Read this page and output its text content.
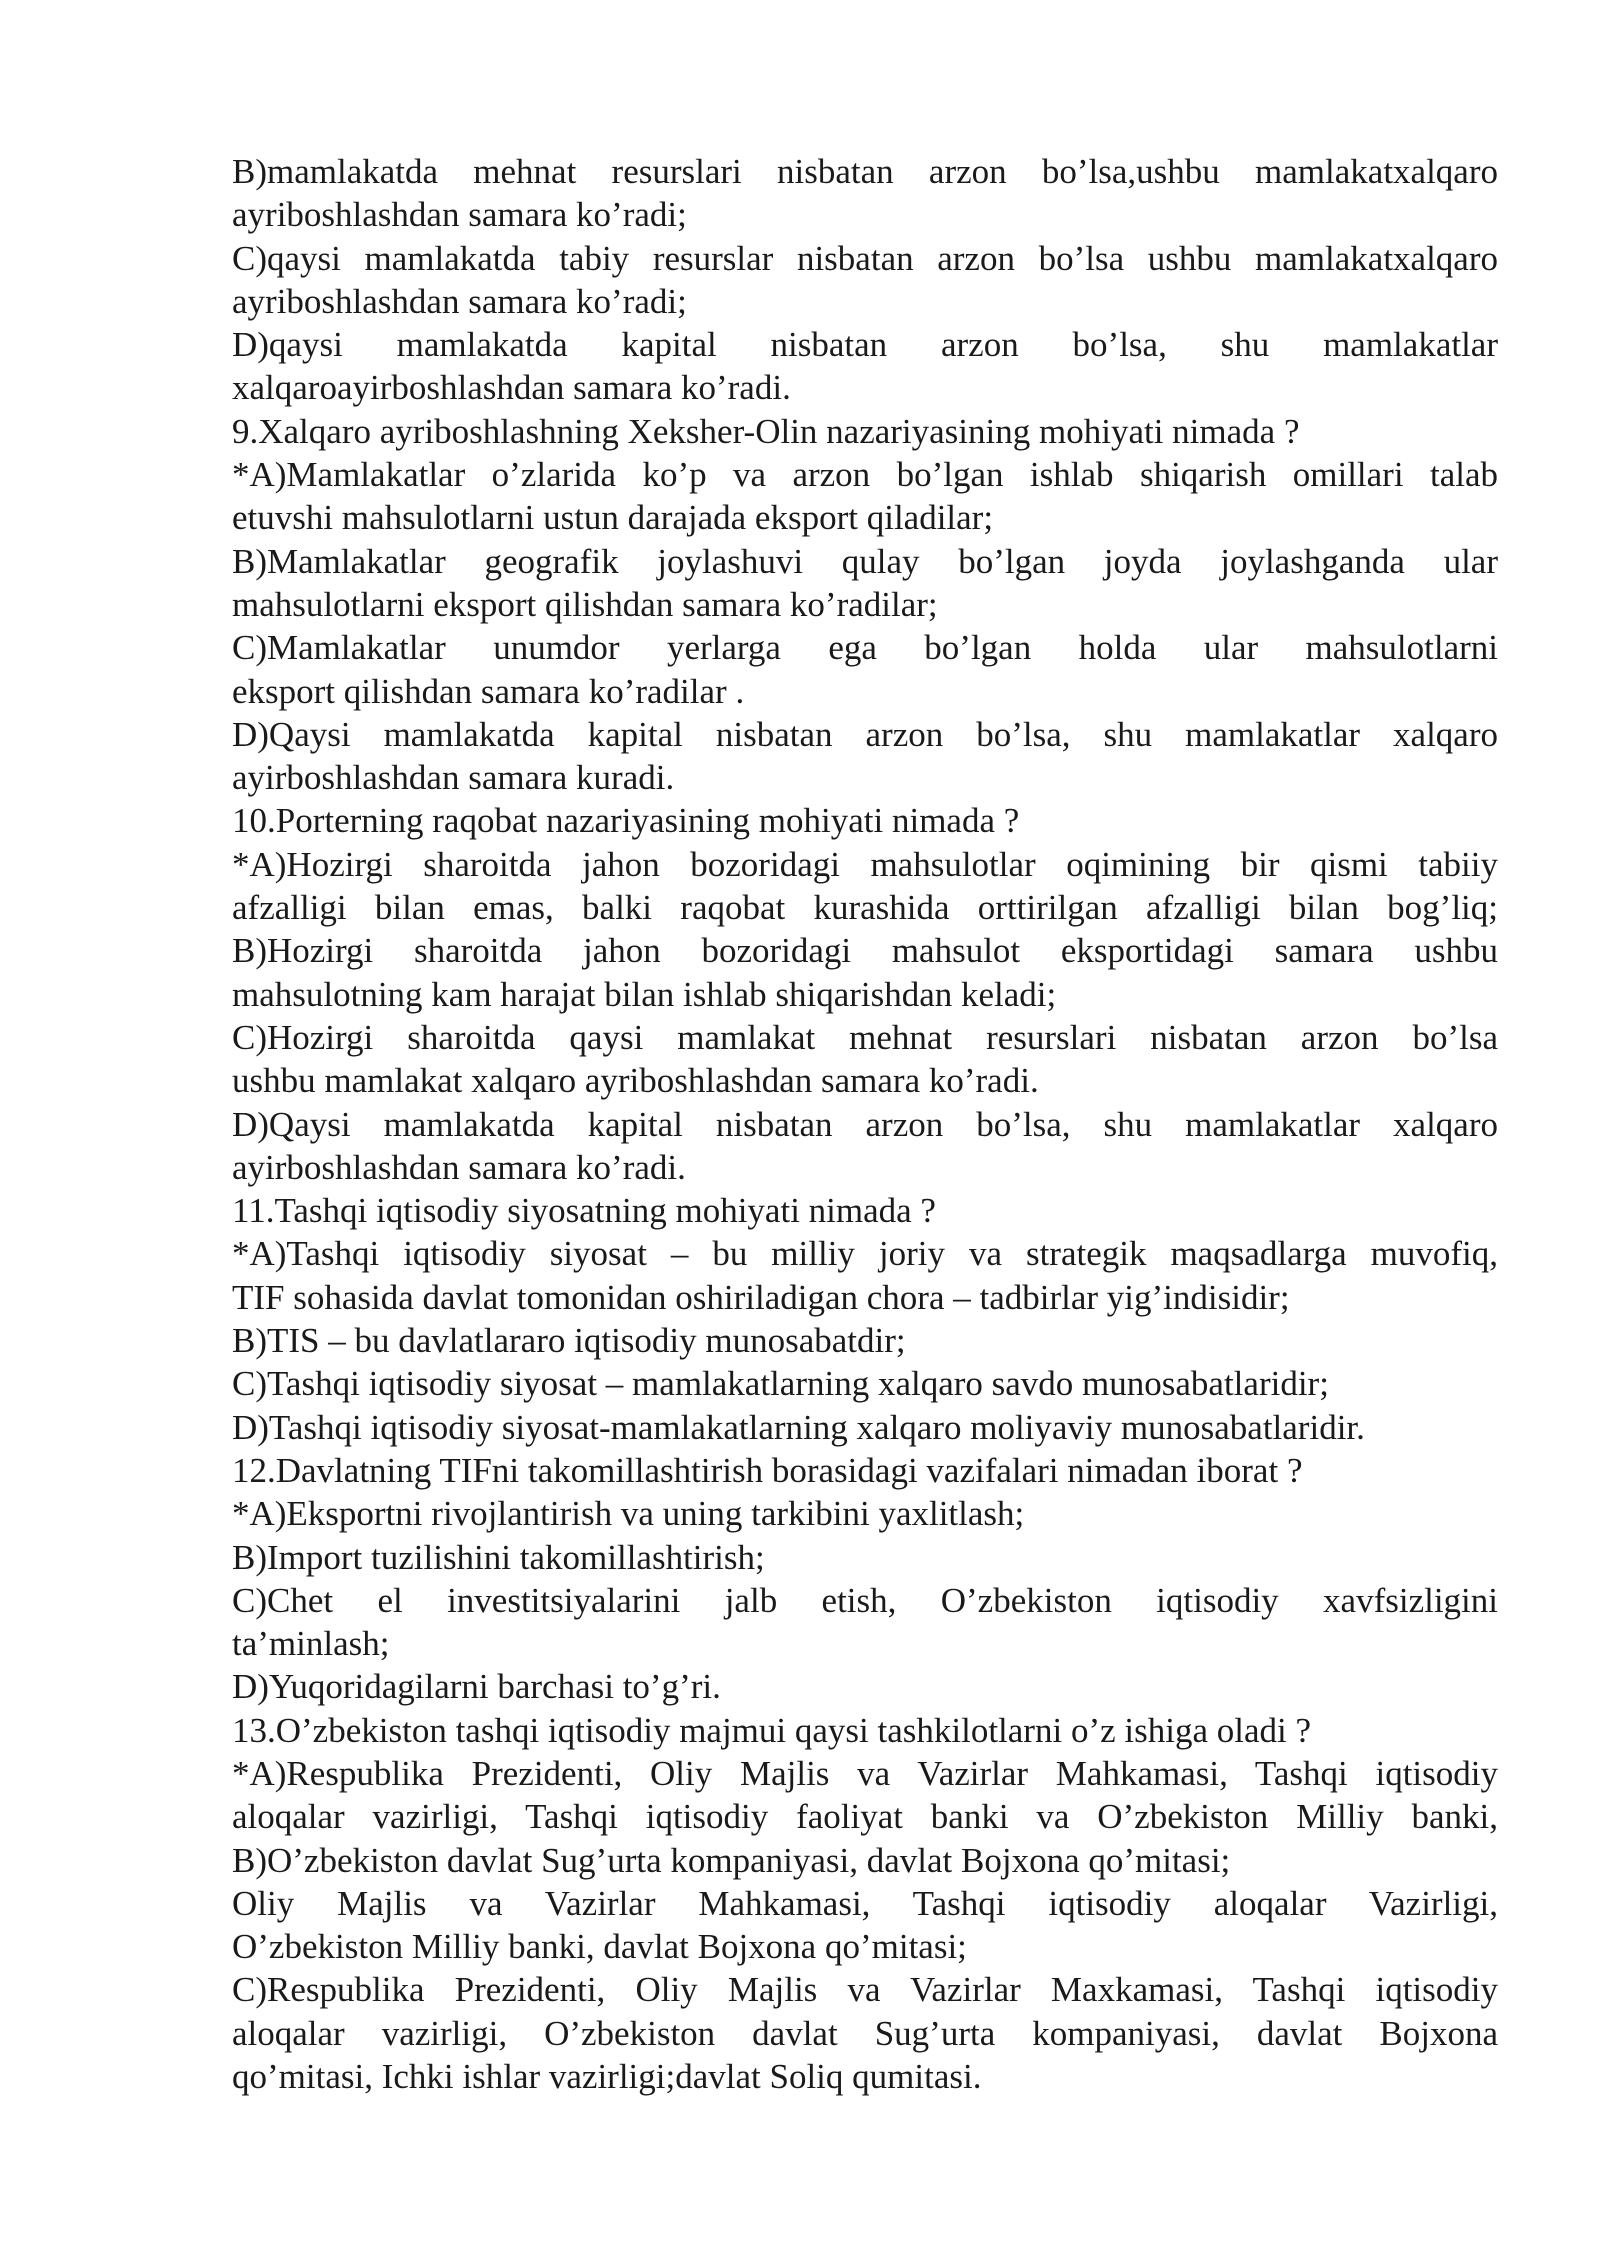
B)mamlakatda mehnat resurslari nisbatan arzon bo’lsa,ushbu mamlakatxalqaro
ayriboshlashdan samara ko’radi;
C)qaysi mamlakatda tabiy resurslar nisbatan arzon bo’lsa ushbu mamlakatxalqaro
ayriboshlashdan samara ko’radi;
D)qaysi mamlakatda kapital nisbatan arzon bo’lsa, shu mamlakatlar
xalqaroayirboshlashdan samara ko’radi.
9.Xalqaro ayriboshlashning Xeksher-Olin nazariyasining mohiyati nimada ?
*A)Mamlakatlar o’zlarida ko’p va arzon bo’lgan ishlab shiqarish omillari talab
etuvshi mahsulotlarni ustun darajada eksport qiladilar;
B)Mamlakatlar geografik joylashuvi qulay bo’lgan joyda joylashganda ular
mahsulotlarni eksport qilishdan samara ko’radilar;
C)Mamlakatlar unumdor yerlarga ega bo’lgan holda ular mahsulotlarni
eksport qilishdan samara ko’radilar .
D)Qaysi mamlakatda kapital nisbatan arzon bo’lsa, shu mamlakatlar xalqaro
ayirboshlashdan samara kuradi.
10.Porterning raqobat nazariyasining mohiyati nimada ?
*A)Hozirgi sharoitda jahon bozoridagi mahsulotlar oqimining bir qismi tabiiy
afzalligi bilan emas, balki raqobat kurashida orttirilgan afzalligi bilan bog’liq;
B)Hozirgi sharoitda jahon bozoridagi mahsulot eksportidagi samara ushbu
mahsulotning kam harajat bilan ishlab shiqarishdan keladi;
C)Hozirgi sharoitda qaysi mamlakat mehnat resurslari nisbatan arzon bo’lsa
ushbu mamlakat xalqaro ayriboshlashdan samara ko’radi.
D)Qaysi mamlakatda kapital nisbatan arzon bo’lsa, shu mamlakatlar xalqaro
ayirboshlashdan samara ko’radi.
11.Tashqi iqtisodiy siyosatning mohiyati nimada ?
*A)Tashqi iqtisodiy siyosat – bu milliy joriy va strategik maqsadlarga muvofiq,
TIF sohasida davlat tomonidan oshiriladigan chora – tadbirlar yig’indisidir;
B)TIS – bu davlatlararo iqtisodiy munosabatdir;
C)Tashqi iqtisodiy siyosat – mamlakatlarning xalqaro savdo munosabatlaridir;
D)Tashqi iqtisodiy siyosat-mamlakatlarning xalqaro moliyaviy munosabatlaridir.
12.Davlatning TIFni takomillashtirish borasidagi vazifalari nimadan iborat ?
*A)Eksportni rivojlantirish va uning tarkibini yaxlitlash;
B)Import tuzilishini takomillashtirish;
C)Chet el investitsiyalarini jalb etish, O’zbekiston iqtisodiy xavfsizligini
ta’minlash;
D)Yuqoridagilarni barchasi to’g’ri.
13.O’zbekiston tashqi iqtisodiy majmui qaysi tashkilotlarni o’z ishiga oladi ?
*A)Respublika Prezidenti, Oliy Majlis va Vazirlar Mahkamasi, Tashqi iqtisodiy
aloqalar vazirligi, Tashqi iqtisodiy faoliyat banki va O’zbekiston Milliy banki,
B)O’zbekiston davlat Sug’urta kompaniyasi, davlat Bojxona qo’mitasi;
Oliy Majlis va Vazirlar Mahkamasi, Tashqi iqtisodiy aloqalar Vazirligi,
O’zbekiston Milliy banki, davlat Bojxona qo’mitasi;
C)Respublika Prezidenti, Oliy Majlis va Vazirlar Maxkamasi, Tashqi iqtisodiy
aloqalar vazirligi, O’zbekiston davlat Sug’urta kompaniyasi, davlat Bojxona
qo’mitasi, Ichki ishlar vazirligi;davlat Soliq qumitasi.
